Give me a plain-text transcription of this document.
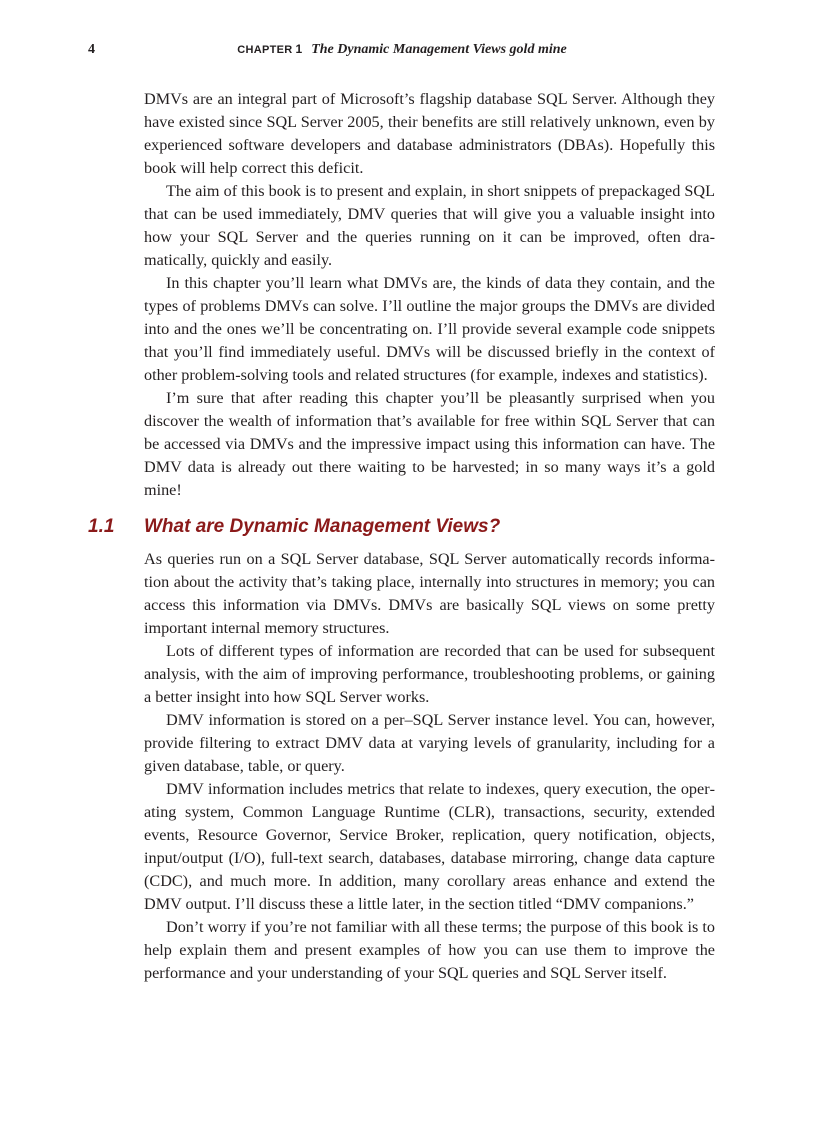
4	CHAPTER 1 The Dynamic Management Views gold mine

DMVs are an integral part of Microsoft’s flagship database SQL Server. Although they have existed since SQL Server 2005, their benefits are still relatively unknown, even by experienced software developers and database administrators (DBAs). Hopefully this book will help correct this deficit.

The aim of this book is to present and explain, in short snippets of prepackaged SQL that can be used immediately, DMV queries that will give you a valuable insight into how your SQL Server and the queries running on it can be improved, often dramatically, quickly and easily.

In this chapter you’ll learn what DMVs are, the kinds of data they contain, and the types of problems DMVs can solve. I’ll outline the major groups the DMVs are divided into and the ones we’ll be concentrating on. I’ll provide several example code snippets that you’ll find immediately useful. DMVs will be discussed briefly in the context of other problem-solving tools and related structures (for example, indexes and statistics).

I’m sure that after reading this chapter you’ll be pleasantly surprised when you discover the wealth of information that’s available for free within SQL Server that can be accessed via DMVs and the impressive impact using this information can have. The DMV data is already out there waiting to be harvested; in so many ways it’s a gold mine!

1.1 What are Dynamic Management Views?

As queries run on a SQL Server database, SQL Server automatically records information about the activity that’s taking place, internally into structures in memory; you can access this information via DMVs. DMVs are basically SQL views on some pretty important internal memory structures.

Lots of different types of information are recorded that can be used for subsequent analysis, with the aim of improving performance, troubleshooting problems, or gaining a better insight into how SQL Server works.

DMV information is stored on a per–SQL Server instance level. You can, however, provide filtering to extract DMV data at varying levels of granularity, including for a given database, table, or query.

DMV information includes metrics that relate to indexes, query execution, the operating system, Common Language Runtime (CLR), transactions, security, extended events, Resource Governor, Service Broker, replication, query notification, objects, input/output (I/O), full-text search, databases, database mirroring, change data capture (CDC), and much more. In addition, many corollary areas enhance and extend the DMV output. I’ll discuss these a little later, in the section titled “DMV companions.”

Don’t worry if you’re not familiar with all these terms; the purpose of this book is to help explain them and present examples of how you can use them to improve the performance and your understanding of your SQL queries and SQL Server itself.
